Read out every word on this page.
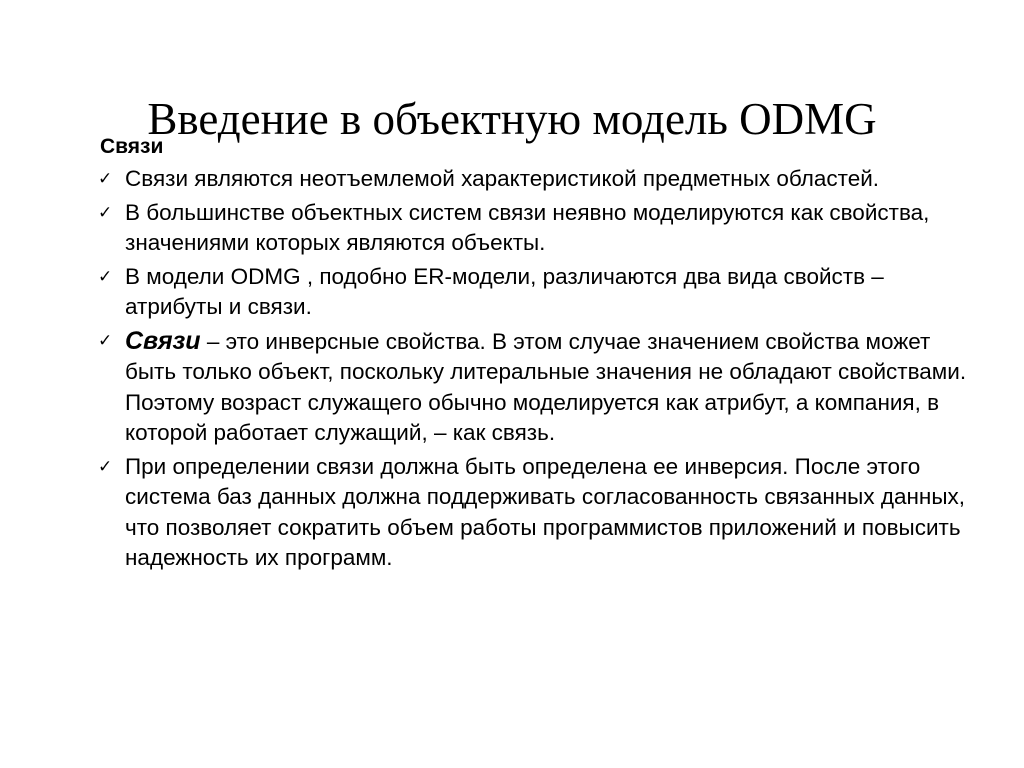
Введение в объектную модель ODMG
Связи
✓ Связи являются неотъемлемой характеристикой предметных областей.
✓ В большинстве объектных систем связи неявно моделируются как свойства, значениями которых являются объекты.
✓ В модели ODMG , подобно ER-модели, различаются два вида свойств – атрибуты и связи.
✓ Связи – это инверсные свойства. В этом случае значением свойства может быть только объект, поскольку литеральные значения не обладают свойствами. Поэтому возраст служащего обычно моделируется как атрибут, а компания, в которой работает служащий, – как связь.
✓ При определении связи должна быть определена ее инверсия. После этого система баз данных должна поддерживать согласованность связанных данных, что позволяет сократить объем работы программистов приложений и повысить надежность их программ.
